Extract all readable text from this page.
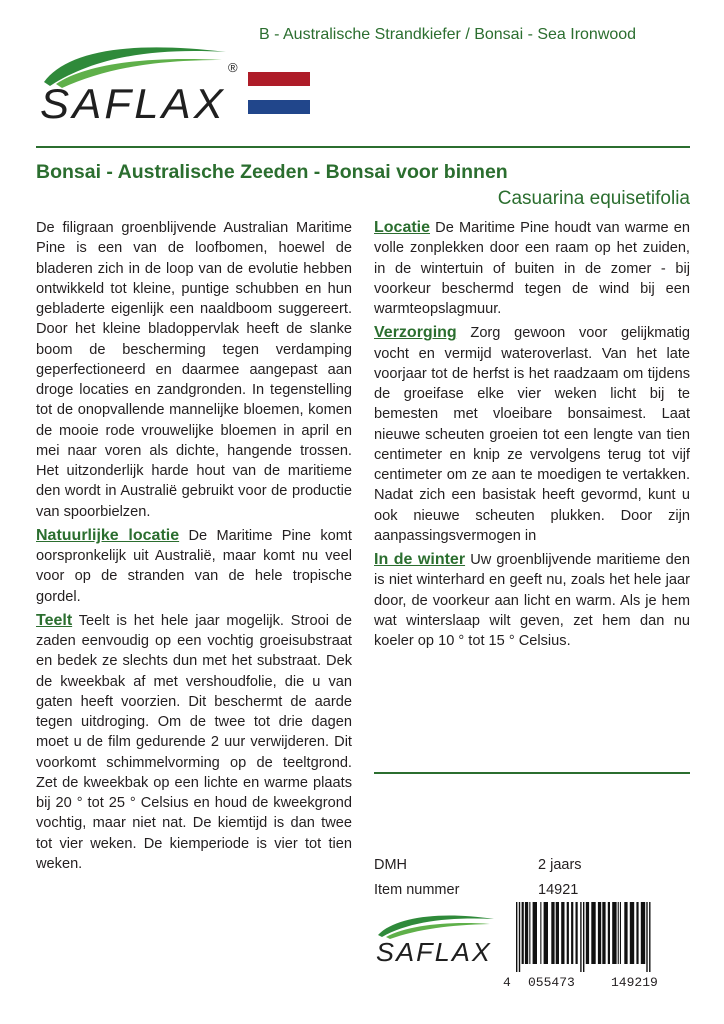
B - Australische Strandkiefer / Bonsai - Sea Ironwood
SAFLAX
®
Bonsai - Australische Zeeden - Bonsai voor binnen
Casuarina equisetifolia

De filigraan groenblijvende Australian Maritime Pine is een van de loofbomen, hoewel de bladeren zich in de loop van de evolutie hebben ontwikkeld tot kleine, puntige schubben en hun gebladerte eigenlijk een naaldboom suggereert. Door het kleine bladoppervlak heeft de slanke boom de bescherming tegen verdamping geperfectioneerd en daarmee aangepast aan droge locaties en zandgronden. In tegenstelling tot de onopvallende mannelijke bloemen, komen de mooie rode vrouwelijke bloemen in april en mei naar voren als dichte, hangende trossen. Het uitzonderlijk harde hout van de maritieme den wordt in Australië gebruikt voor de productie van spoorbielzen.

Natuurlijke locatie De Maritime Pine komt oorspronkelijk uit Australië, maar komt nu veel voor op de stranden van de hele tropische gordel.

Teelt Teelt is het hele jaar mogelijk. Strooi de zaden eenvoudig op een vochtig groeisubstraat en bedek ze slechts dun met het substraat. Dek de kweekbak af met vershoudfolie, die u van gaten heeft voorzien. Dit beschermt de aarde tegen uitdroging. Om de twee tot drie dagen moet u de film gedurende 2 uur verwijderen. Dit voorkomt schimmelvorming op de teeltgrond. Zet de kweekbak op een lichte en warme plaats bij 20 ° tot 25 ° Celsius en houd de kweekgrond vochtig, maar niet nat. De kiemtijd is dan twee tot vier weken. De kiemperiode is vier tot tien weken.

Locatie De Maritime Pine houdt van warme en volle zonplekken door een raam op het zuiden, in de wintertuin of buiten in de zomer - bij voorkeur beschermd tegen de wind bij een warmteopslagmuur.

Verzorging Zorg gewoon voor gelijkmatig vocht en vermijd wateroverlast. Van het late voorjaar tot de herfst is het raadzaam om tijdens de groeifase elke vier weken licht bij te bemesten met vloeibare bonsaimest. Laat nieuwe scheuten groeien tot een lengte van tien centimeter en knip ze vervolgens terug tot vijf centimeter om ze aan te moedigen te vertakken. Nadat zich een basistak heeft gevormd, kunt u ook nieuwe scheuten plukken. Door zijn aanpassingsvermogen in

In de winter Uw groenblijvende maritieme den is niet winterhard en geeft nu, zoals het hele jaar door, de voorkeur aan licht en warm. Als je hem wat winterslaap wilt geven, zet hem dan nu koeler op 10 ° tot 15 ° Celsius.

DMH	2 jaars
Item nummer	14921
SAFLAX
4 055473	149219
